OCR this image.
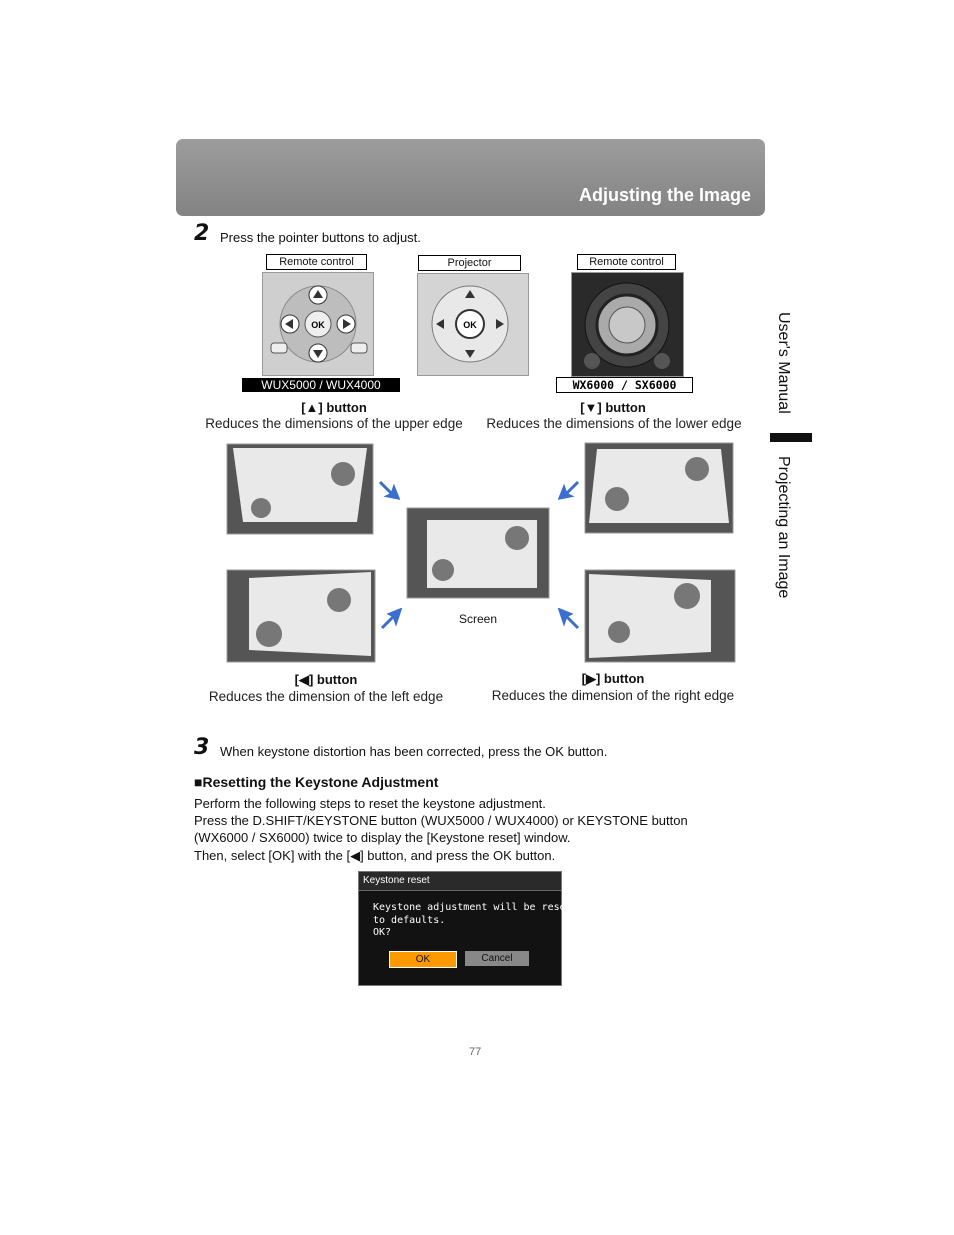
Adjusting the Image
User's Manual
Projecting an Image
2 Press the pointer buttons to adjust.
Remote control
OK
WUX5000 / WUX4000
Projector
OK
Remote control
WX6000 / SX6000
[▲] button
Reduces the dimensions of the upper edge
[▼] button
Reduces the dimensions of the lower edge
Screen
[◀] button
Reduces the dimension of the left edge
[▶] button
Reduces the dimension of the right edge
3 When keystone distortion has been corrected, press the OK button.
■Resetting the Keystone Adjustment
Perform the following steps to reset the keystone adjustment.
Press the D.SHIFT/KEYSTONE button (WUX5000 / WUX4000) or KEYSTONE button
(WX6000 / SX6000) twice to display the [Keystone reset] window.
Then, select [OK] with the [◀] button, and press the OK button.
Keystone reset
Keystone adjustment will be reset
to defaults.
OK?
OK	Cancel
77
